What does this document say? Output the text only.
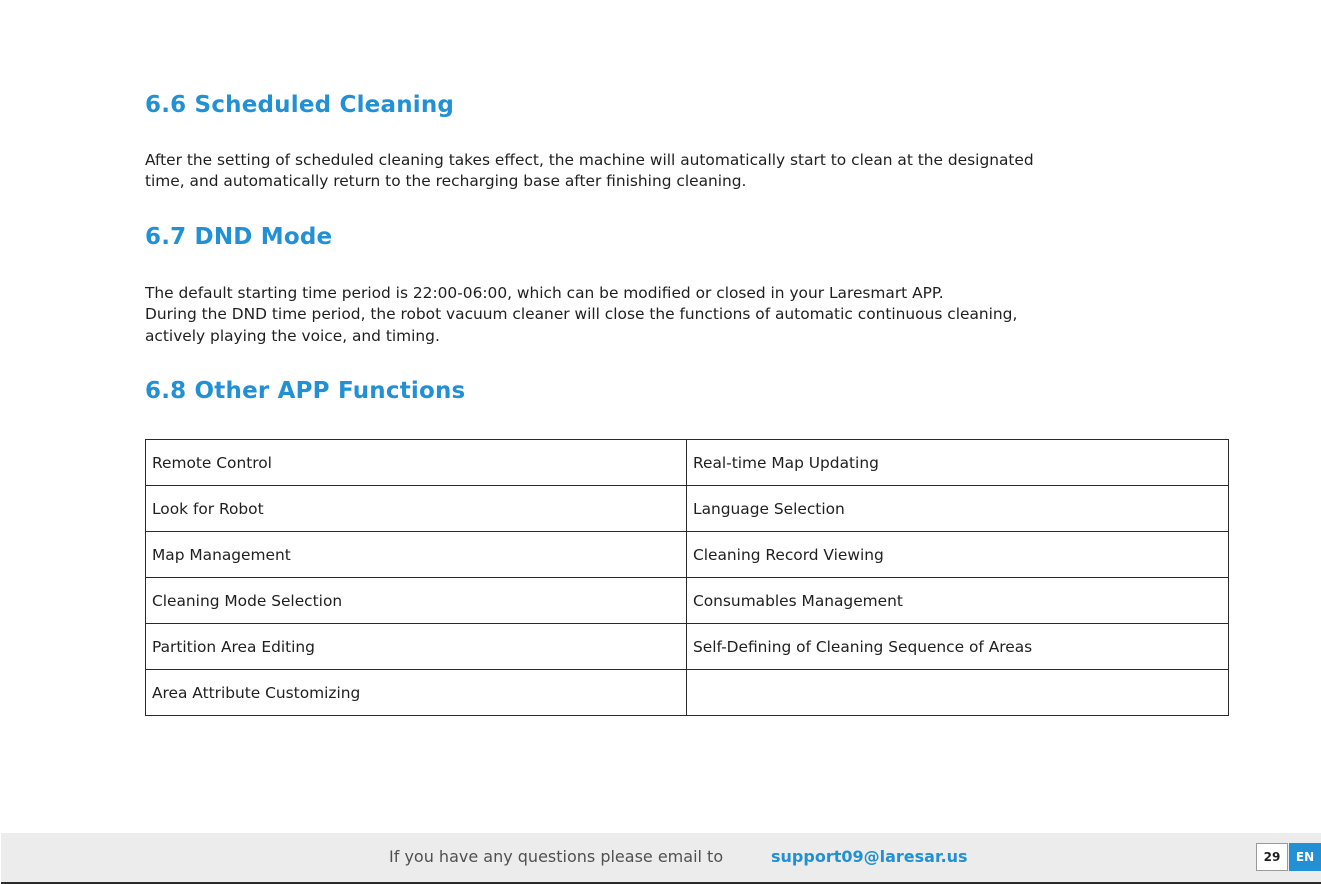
6.6 Scheduled Cleaning

After the setting of scheduled cleaning takes effect, the machine will automatically start to clean at the designated
time, and automatically return to the recharging base after finishing cleaning.

6.7 DND Mode

The default starting time period is 22:00-06:00, which can be modified or closed in your Laresmart APP.
During the DND time period, the robot vacuum cleaner will close the functions of automatic continuous cleaning,
actively playing the voice, and timing.

6.8 Other APP Functions
Remote Control	Real-time Map Updating
Look for Robot	Language Selection
Map Management	Cleaning Record Viewing
Cleaning Mode Selection	Consumables Management
Partition Area Editing	Self-Defining of Cleaning Sequence of Areas
Area Attribute Customizing	
If you have any questions please email to	support09@laresar.us	29	EN
